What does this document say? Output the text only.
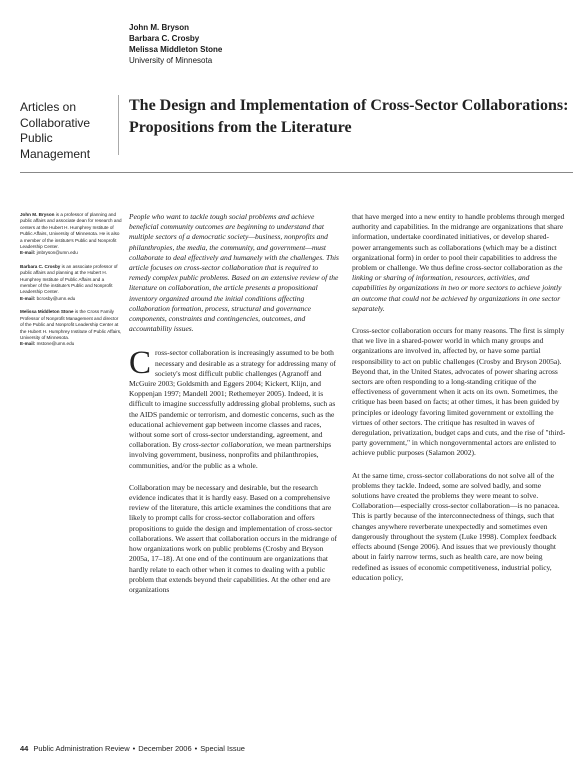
John M. Bryson
Barbara C. Crosby
Melissa Middleton Stone
University of Minnesota
Articles on Collaborative Public Management
The Design and Implementation of Cross-Sector Collaborations: Propositions from the Literature
John M. Bryson is a professor of planning and public affairs and associate dean for research and centers at the Hubert H. Humphrey Institute of Public Affairs, University of Minnesota. He is also a member of the institute's Public and Nonprofit Leadership Center.
E-mail: jmbryson@umn.edu
Barbara C. Crosby is an associate professor of public affairs and planning at the Hubert H. Humphrey Institute of Public Affairs and a member of the institute's Public and Nonprofit Leadership Center.
E-mail: bcrosby@umn.edu
Melissa Middleton Stone is the Cross Family Professor of Nonprofit Management and director of the Public and Nonprofit Leadership Center at the Hubert H. Humphrey Institute of Public Affairs, University of Minnesota.
E-mail: mstone@umn.edu

People who want to tackle tough social problems and achieve beneficial community outcomes are beginning to understand that multiple sectors of a democratic society—business, nonprofits and philanthropies, the media, the community, and government—must collaborate to deal effectively and humanely with the challenges. This article focuses on cross-sector collaboration that is required to remedy complex public problems. Based on an extensive review of the literature on collaboration, the article presents a propositional inventory organized around the initial conditions affecting collaboration formation, process, structural and governance components, constraints and contingencies, outcomes, and accountability issues.

Cross-sector collaboration is increasingly assumed to be both necessary and desirable as a strategy for addressing many of society's most difficult public challenges (Agranoff and McGuire 2003; Goldsmith and Eggers 2004; Kickert, Klijn, and Koppenjan 1997; Mandell 2001; Rethemeyer 2005). Indeed, it is difficult to imagine successfully addressing global problems, such as the AIDS pandemic or terrorism, and domestic concerns, such as the educational achievement gap between income classes and races, without some sort of cross-sector understanding, agreement, and collaboration. By cross-sector collaboration, we mean partnerships involving government, business, nonprofits and philanthropies, communities, and/or the public as a whole.

Collaboration may be necessary and desirable, but the research evidence indicates that it is hardly easy. Based on a comprehensive review of the literature, this article examines the conditions that are likely to prompt calls for cross-sector collaboration and offers propositions to guide the design and implementation of cross-sector collaborations. We assert that collaboration occurs in the midrange of how organizations work on public problems (Crosby and Bryson 2005a, 17–18). At one end of the continuum are organizations that hardly relate to each other when it comes to dealing with a public problem that extends beyond their capabilities. At the other end are organizations

that have merged into a new entity to handle problems through merged authority and capabilities. In the midrange are organizations that share information, undertake coordinated initiatives, or develop shared-power arrangements such as collaborations (which may be a distinct organizational form) in order to pool their capabilities to address the problem or challenge. We thus define cross-sector collaboration as the linking or sharing of information, resources, activities, and capabilities by organizations in two or more sectors to achieve jointly an outcome that could not be achieved by organizations in one sector separately.

Cross-sector collaboration occurs for many reasons. The first is simply that we live in a shared-power world in which many groups and organizations are involved in, affected by, or have some partial responsibility to act on public challenges (Crosby and Bryson 2005a). Beyond that, in the United States, advocates of power sharing across sectors are often responding to a long-standing critique of the effectiveness of government when it acts on its own. Sometimes, the critique has been based on facts; at other times, it has been guided by principles or ideology favoring limited government or extolling the virtues of other sectors. The critique has resulted in waves of deregulation, privatization, budget caps and cuts, and the rise of "third-party government," in which nongovernmental actors are enlisted to achieve public purposes (Salamon 2002).

At the same time, cross-sector collaborations do not solve all of the problems they tackle. Indeed, some are solved badly, and some solutions have created the problems they were meant to solve. Collaboration—especially cross-sector collaboration—is no panacea. This is partly because of the interconnectedness of things, such that changes anywhere reverberate unexpectedly and sometimes even dangerously throughout the system (Luke 1998). Complex feedback effects abound (Senge 2006). And issues that we previously thought about in fairly narrow terms, such as health care, are now being redefined as issues of economic competitiveness, industrial policy, education policy,

44 Public Administration Review • December 2006 • Special Issue
